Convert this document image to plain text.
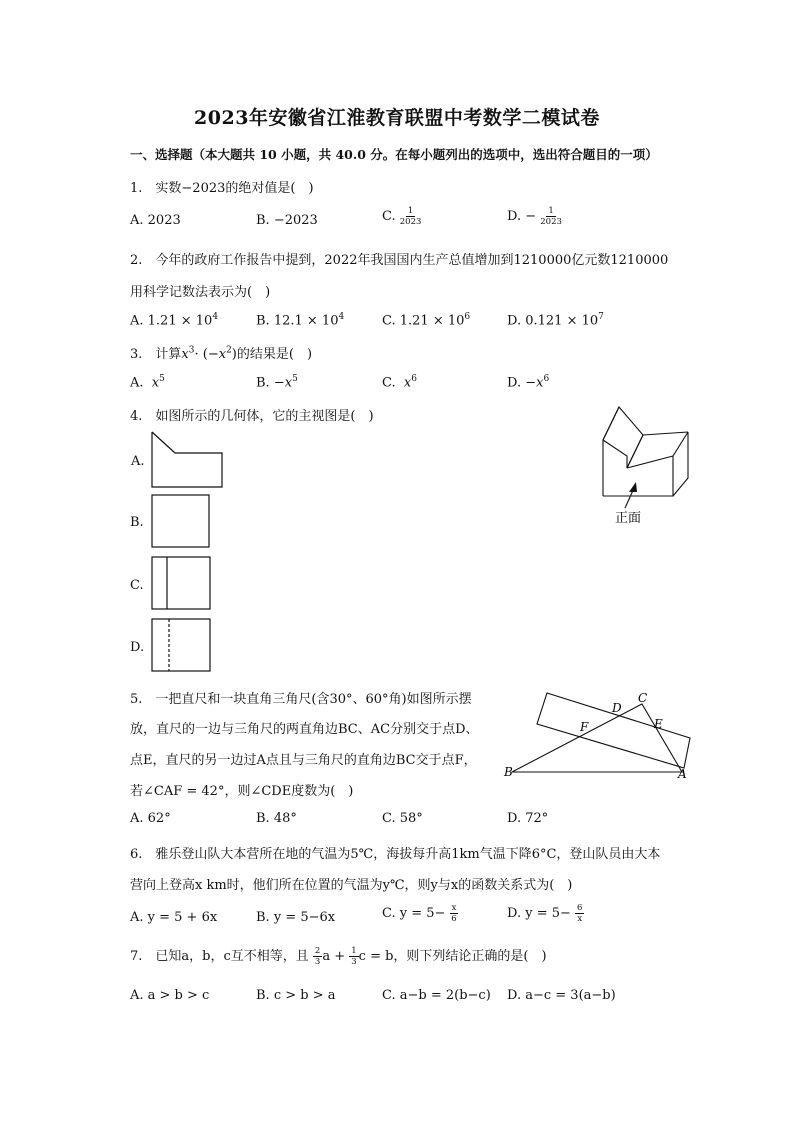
2023年安徽省江淮教育联盟中考数学二模试卷
一、选择题（本大题共 10 小题，共 40.0 分。在每小题列出的选项中，选出符合题目的一项）
1.　实数−2023的绝对值是(　)
A. 2023	B. −2023	C. $\frac{1}{2023}$	D. − $\frac{1}{2023}$
2.　今年的政府工作报告中提到，2022年我国国内生产总值增加到1210000亿元数1210000
用科学记数法表示为(　)
A. $1.21 \times 10^4$	B. $12.1 \times 10^4$	C. $1.21 \times 10^6$	D. $0.121 \times 10^7$
3.　计算$x^3\cdot (-x^2)$的结果是(　)
A. $x^5$	B. $-x^5$	C. $x^6$	D. $-x^6$
4.　如图所示的几何体，它的主视图是(　)
A.
B.
C.
D.
正面
5.　一把直尺和一块直角三角尺(含30°、60°角)如图所示摆
放，直尺的一边与三角尺的两直角边BC、AC分别交于点D、
点E，直尺的另一边过A点且与三角尺的直角边BC交于点F，
若∠CAF = 42°，则∠CDE度数为(　)
D
C
E
F
B	A
A. 62°	B. 48°	C. 58°	D. 72°
6.　雅乐登山队大本营所在地的气温为5℃，海拔每升高1km气温下降6°C，登山队员由大本
营向上登高x km时，他们所在位置的气温为y℃，则y与x的函数关系式为(　)
A. y = 5 + 6x	B. y = 5−6x	C. $y = 5- \frac{x}{6}$	D. $y = 5- \frac{6}{x}$
7.　已知a，b，c互不相等，且 $\frac{2}{3}$ $a + \frac{1}{3}$ c = b，则下列结论正确的是(　)
A. a > b > c	B. c > b > a	C. a−b = 2(b−c) D. a−c = 3(a−b)
